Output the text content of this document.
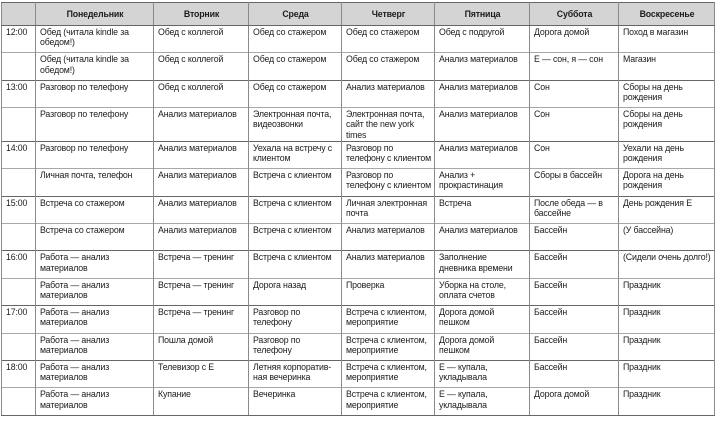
	Понедельник	Вторник	Среда	Четверг	Пятница	Суббота	Воскресенье
12:00	Обед (читала kindle за обедом!)	Обед с коллегой	Обед со стажером	Обед со стажером	Обед с подругой	Дорога домой	Поход в магазин
	Обед (читала kindle за обедом!)	Обед с коллегой	Обед со стажером	Обед со стажером	Анализ материалов	Е — сон, я — сон	Магазин
13:00	Разговор по телефону	Обед с коллегой	Обед со стажером	Анализ материалов	Анализ материалов	Сон	Сборы на день рождения
	Разговор по телефону	Анализ материалов	Электронная почта, видеозвонки	Электронная почта, сайт the new york times	Анализ материалов	Сон	Сборы на день рождения
14:00	Разговор по телефону	Анализ материалов	Уехала на встречу с клиентом	Разговор по телефону с клиентом	Анализ материалов	Сон	Уехали на день рождения
	Личная почта, телефон	Анализ материалов	Встреча с клиентом	Разговор по телефону с клиентом	Анализ + прокрастинация	Сборы в бассейн	Дорога на день рождения
15:00	Встреча со стажером	Анализ материалов	Встреча с клиентом	Личная электронная почта	Встреча	После обеда — в бассейне	День рождения Е
	Встреча со стажером	Анализ материалов	Встреча с клиентом	Анализ материалов	Анализ материалов	Бассейн	(У бассейна)
16:00	Работа — анализ материалов	Встреча — тренинг	Встреча с клиентом	Анализ материалов	Заполнение дневника времени	Бассейн	(Сидели очень долго!)
	Работа — анализ материалов	Встреча — тренинг	Дорога назад	Проверка	Уборка на столе, оплата счетов	Бассейн	Праздник
17:00	Работа — анализ материалов	Встреча — тренинг	Разговор по телефону	Встреча с клиентом, мероприятие	Дорога домой пешком	Бассейн	Праздник
	Работа — анализ материалов	Пошла домой	Разговор по телефону	Встреча с клиентом, мероприятие	Дорога домой пешком	Бассейн	Праздник
18:00	Работа — анализ материалов	Телевизор с Е	Летняя корпоратив-ная вечеринка	Встреча с клиентом, мероприятие	Е — купала, укладывала	Бассейн	Праздник
	Работа — анализ материалов	Купание	Вечеринка	Встреча с клиентом, мероприятие	Е — купала, укладывала	Дорога домой	Праздник
